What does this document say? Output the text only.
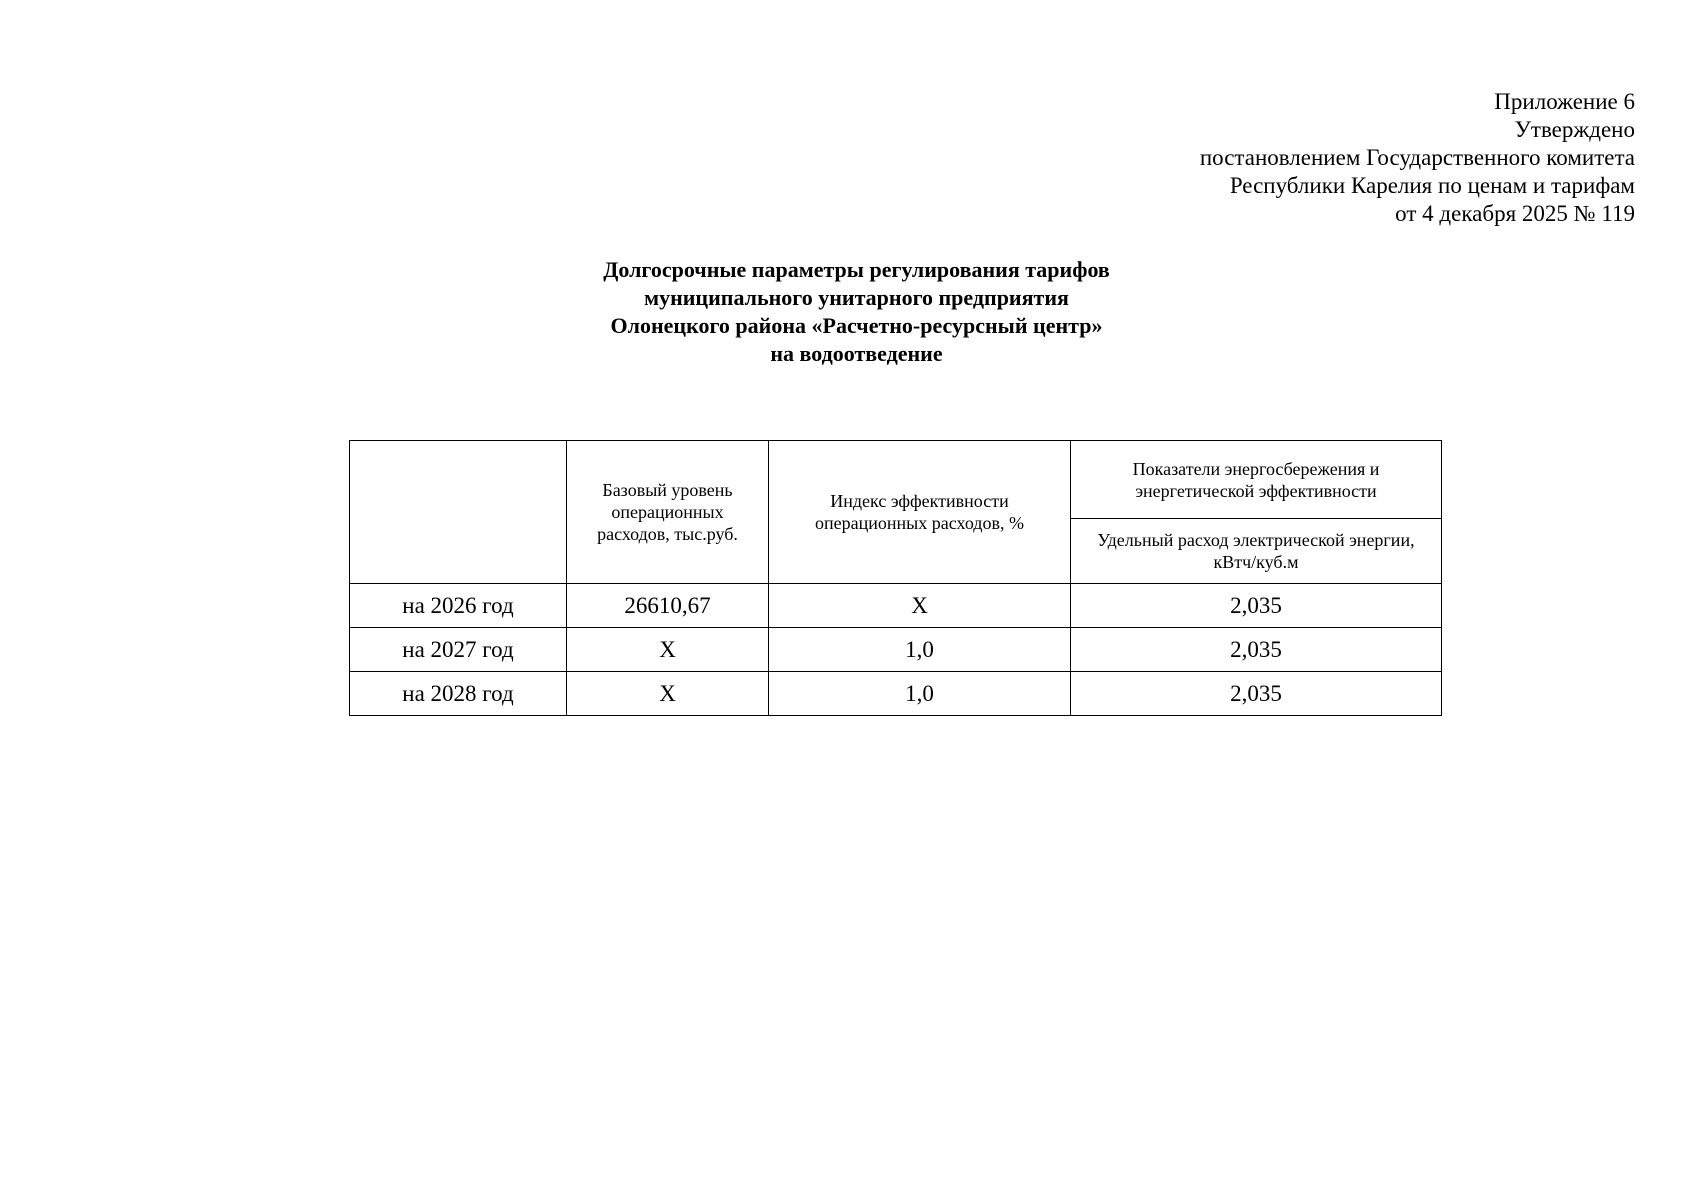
Приложение 6
Утверждено
постановлением Государственного комитета
Республики Карелия по ценам и тарифам
от 4 декабря 2025 № 119
Долгосрочные параметры регулирования тарифов
муниципального унитарного предприятия
Олонецкого района «Расчетно-ресурсный центр»
на водоотведение
	Базовый уровень операционных расходов, тыс.руб.	Индекс эффективности операционных расходов, %	Показатели энергосбережения и энергетической эффективности
			Удельный расход электрической энергии, кВтч/куб.м
на 2026 год	26610,67	X	2,035
на 2027 год	X	1,0	2,035
на 2028 год	X	1,0	2,035
